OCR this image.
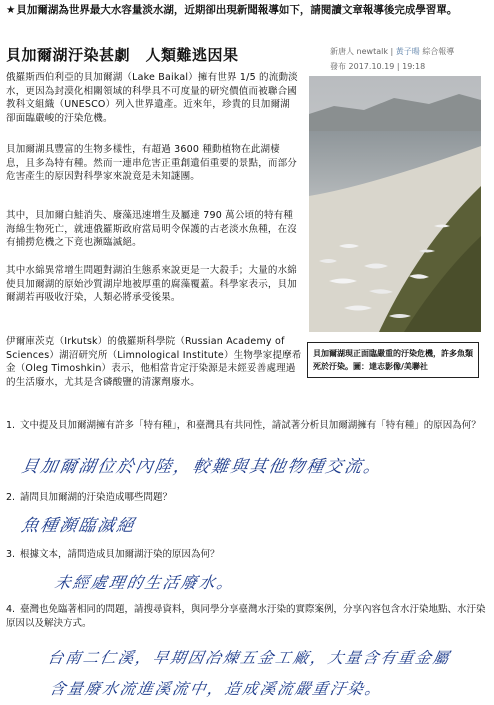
★貝加爾湖為世界最大水容量淡水湖，近期卻出現新聞報導如下，請閱讀文章報導後完成學習單。
貝加爾湖汙染甚劇　人類難逃因果	新唐人 newtalk | 黃子暘 綜合報導
發布 2017.10.19 | 19:18
貝加爾湖現正面臨嚴重的汙染危機，許多魚類死於汙染。圖：達志影像/美聯社

俄羅斯西伯利亞的貝加爾湖（Lake Baikal）擁有世界 1/5 的流動淡水，更因為封漠化相關領域的科學具不可度量的研究價值而被聯合國教科文組織（UNESCO）列入世界遺產。近來年，珍貴的貝加爾湖卻面臨嚴峻的汙染危機。

貝加爾湖具豐富的生物多樣性，有超過 3600 種動植物在此湖棲息，且多為特有種。然而一連串危害正重創遺佰重要的景點，而部分危害產生的原因對科學家來說竟是未知謎團。

其中，貝加爾白鮭消失、廢藻迅速增生及屬達 790 萬公頃的特有種海綿生物死亡，就連俄羅斯政府當局明令保護的古老淡水魚種，在沒有捕撈危機之下竟也瀕臨滅絕。

其中水綿異常增生問題對湖泊生態系來說更是一大殺手；大量的水綿使貝加爾湖的原始沙質湖岸地被厚重的腐藻覆蓋。科學家表示，貝加爾湖若再吸收汙染，人類必將承受後果。

伊爾庫茨克（Irkutsk）的俄羅斯科學院（Russian Academy of Sciences）湖沼研究所（Limnological Institute）生物學家提摩希金（Oleg Timoshkin）表示，他相當肯定汙染源是未經妥善處理過的生活廢水，尤其是含磷酸鹽的清潔劑廢水。

1. 文中提及貝加爾湖擁有許多「特有種」，和臺灣具有共同性，請試著分析貝加爾湖擁有「特有種」的原因為何？

貝加爾湖位於內陸，較難與其他物種交流。

2. 請問貝加爾湖的汙染造成哪些問題？

魚種瀕臨滅絕

3. 根據文本，請問造成貝加爾湖汙染的原因為何？

未經處理的生活廢水。

4. 臺灣也免臨著相同的問題，請搜尋資料，與同學分享臺灣水汙染的實際案例，分享內容包含水汙染地點、水汙染原因以及解決方式。

台南二仁溪，早期因冶煉五金工廠，大量含有重金屬
含量廢水流進溪流中，造成溪流嚴重汙染。
